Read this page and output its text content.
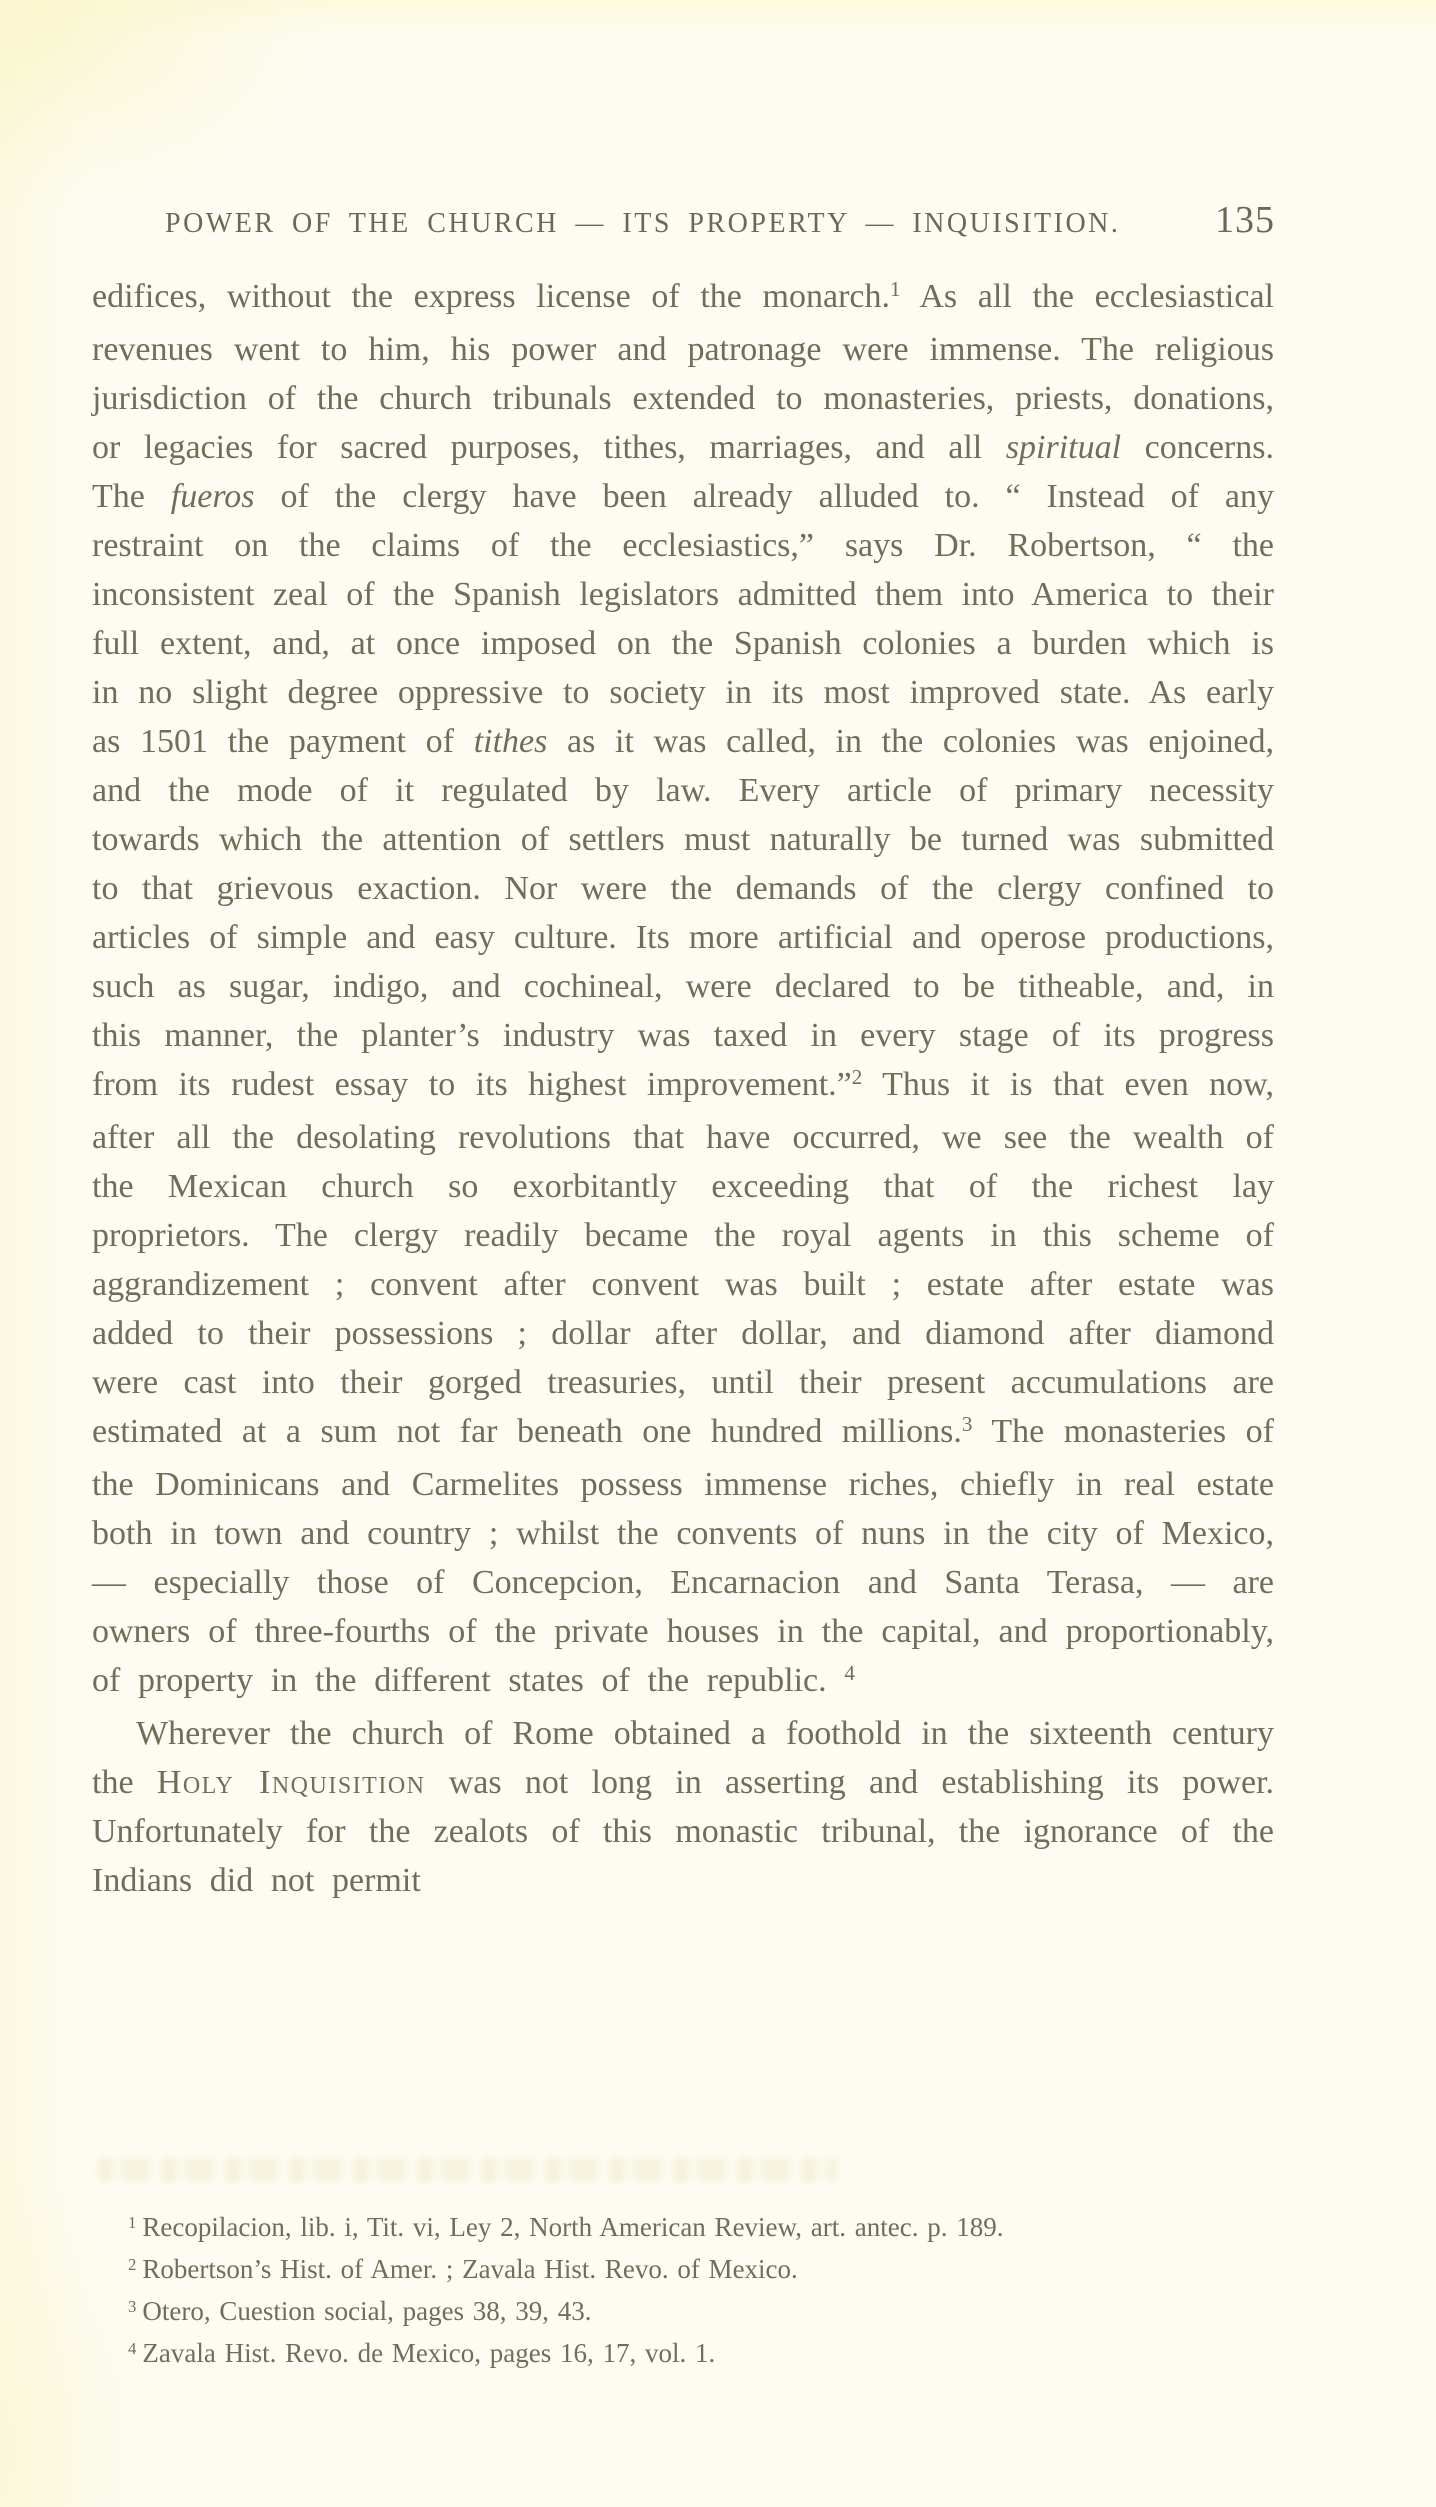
POWER OF THE CHURCH — ITS PROPERTY — INQUISITION. 135

edifices, without the express license of the monarch.$^1$ As all the ecclesiastical revenues went to him, his power and patronage were immense. The religious jurisdiction of the church tribunals extended to monasteries, priests, donations, or legacies for sacred purposes, tithes, marriages, and all spiritual concerns. The fueros of the clergy have been already alluded to. “ Instead of any restraint on the claims of the ecclesiastics,” says Dr. Robertson, “ the inconsistent zeal of the Spanish legislators admitted them into America to their full extent, and, at once imposed on the Spanish colonies a burden which is in no slight degree oppressive to society in its most improved state. As early as 1501 the payment of tithes as it was called, in the colonies was enjoined, and the mode of it regulated by law. Every article of primary necessity towards which the attention of settlers must naturally be turned was submitted to that grievous exaction. Nor were the demands of the clergy confined to articles of simple and easy culture. Its more artificial and operose productions, such as sugar, indigo, and cochineal, were declared to be titheable, and, in this manner, the planter’s industry was taxed in every stage of its progress from its rudest essay to its highest improvement.”$^2$ Thus it is that even now, after all the desolating revolutions that have occurred, we see the wealth of the Mexican church so exorbitantly exceeding that of the richest lay proprietors. The clergy readily became the royal agents in this scheme of aggrandizement ; convent after convent was built ; estate after estate was added to their possessions ; dollar after dollar, and diamond after diamond were cast into their gorged treasuries, until their present accumulations are estimated at a sum not far beneath one hundred millions.$^3$ The monasteries of the Dominicans and Carmelites possess immense riches, chiefly in real estate both in town and country ; whilst the convents of nuns in the city of Mexico, — especially those of Concepcion, Encarnacion and Santa Terasa, — are owners of three-fourths of the private houses in the capital, and proportionably, of property in the different states of the republic. $^4$

Wherever the church of Rome obtained a foothold in the sixteenth century the Holy Inquisition was not long in asserting and establishing its power. Unfortunately for the zealots of this monastic tribunal, the ignorance of the Indians did not permit

$^1$ Recopilacion, lib. i, Tit. vi, Ley 2, North American Review, art. antec. p. 189.
$^2$ Robertson’s Hist. of Amer. ; Zavala Hist. Revo. of Mexico.
$^3$ Otero, Cuestion social, pages 38, 39, 43.
$^4$ Zavala Hist. Revo. de Mexico, pages 16, 17, vol. 1.
